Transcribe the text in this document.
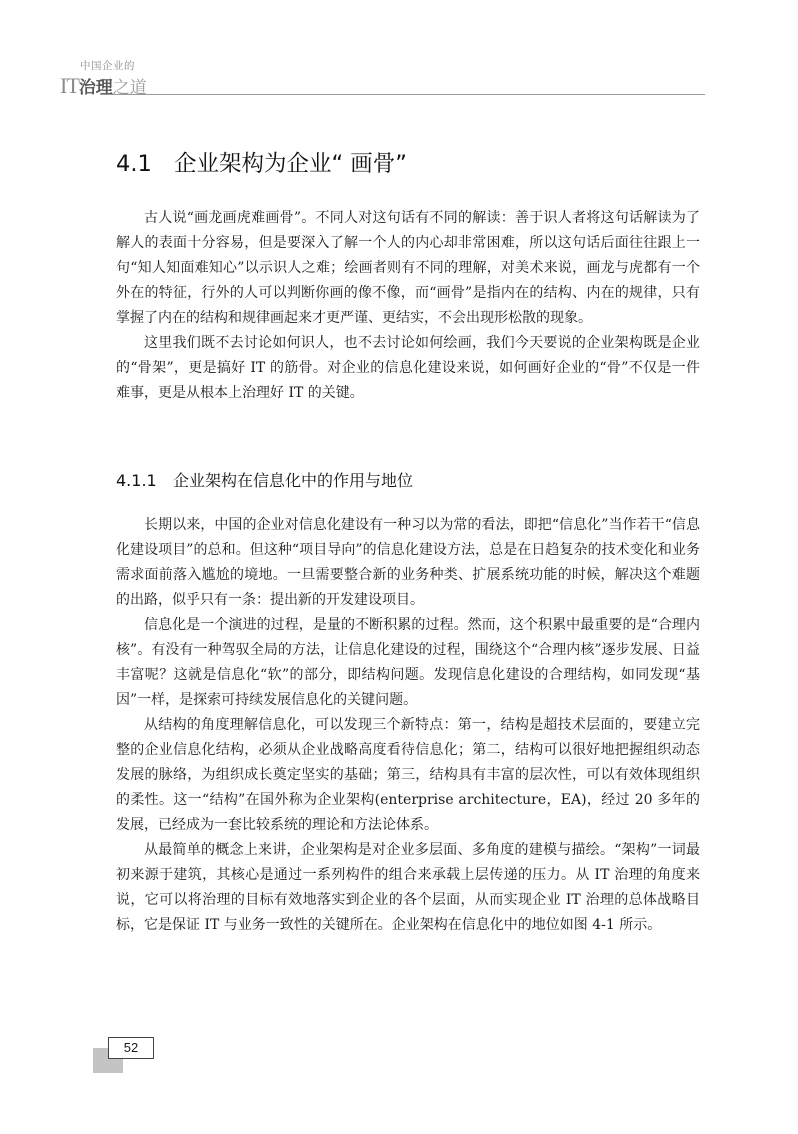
中国企业的
IT治理之道
4.1 企业架构为企业“ 画骨”

古人说“画龙画虎难画骨”。不同人对这句话有不同的解读：善于识人者将这句话解读为了解人的表面十分容易，但是要深入了解一个人的内心却非常困难，所以这句话后面往往跟上一句“知人知面难知心”以示识人之难；绘画者则有不同的理解，对美术来说，画龙与虎都有一个外在的特征，行外的人可以判断你画的像不像，而“画骨”是指内在的结构、内在的规律，只有掌握了内在的结构和规律画起来才更严谨、更结实，不会出现形松散的现象。

这里我们既不去讨论如何识人，也不去讨论如何绘画，我们今天要说的企业架构既是企业的“骨架”，更是搞好 IT 的筋骨。对企业的信息化建设来说，如何画好企业的“骨”不仅是一件难事，更是从根本上治理好 IT 的关键。

4.1.1 企业架构在信息化中的作用与地位

长期以来，中国的企业对信息化建设有一种习以为常的看法，即把“信息化”当作若干“信息化建设项目”的总和。但这种“项目导向”的信息化建设方法，总是在日趋复杂的技术变化和业务需求面前落入尴尬的境地。一旦需要整合新的业务种类、扩展系统功能的时候，解决这个难题的出路，似乎只有一条：提出新的开发建设项目。

信息化是一个演进的过程，是量的不断积累的过程。然而，这个积累中最重要的是“合理内核”。有没有一种驾驭全局的方法，让信息化建设的过程，围绕这个“合理内核”逐步发展、日益丰富呢？这就是信息化“软”的部分，即结构问题。发现信息化建设的合理结构，如同发现“基因”一样，是探索可持续发展信息化的关键问题。

从结构的角度理解信息化，可以发现三个新特点：第一，结构是超技术层面的，要建立完整的企业信息化结构，必须从企业战略高度看待信息化；第二，结构可以很好地把握组织动态发展的脉络，为组织成长奠定坚实的基础；第三，结构具有丰富的层次性，可以有效体现组织的柔性。这一“结构”在国外称为企业架构(enterprise architecture，EA)，经过 20 多年的发展，已经成为一套比较系统的理论和方法论体系。

从最简单的概念上来讲，企业架构是对企业多层面、多角度的建模与描绘。“架构”一词最初来源于建筑，其核心是通过一系列构件的组合来承载上层传递的压力。从 IT 治理的角度来说，它可以将治理的目标有效地落实到企业的各个层面，从而实现企业 IT 治理的总体战略目标，它是保证 IT 与业务一致性的关键所在。企业架构在信息化中的地位如图 4-1 所示。

52
